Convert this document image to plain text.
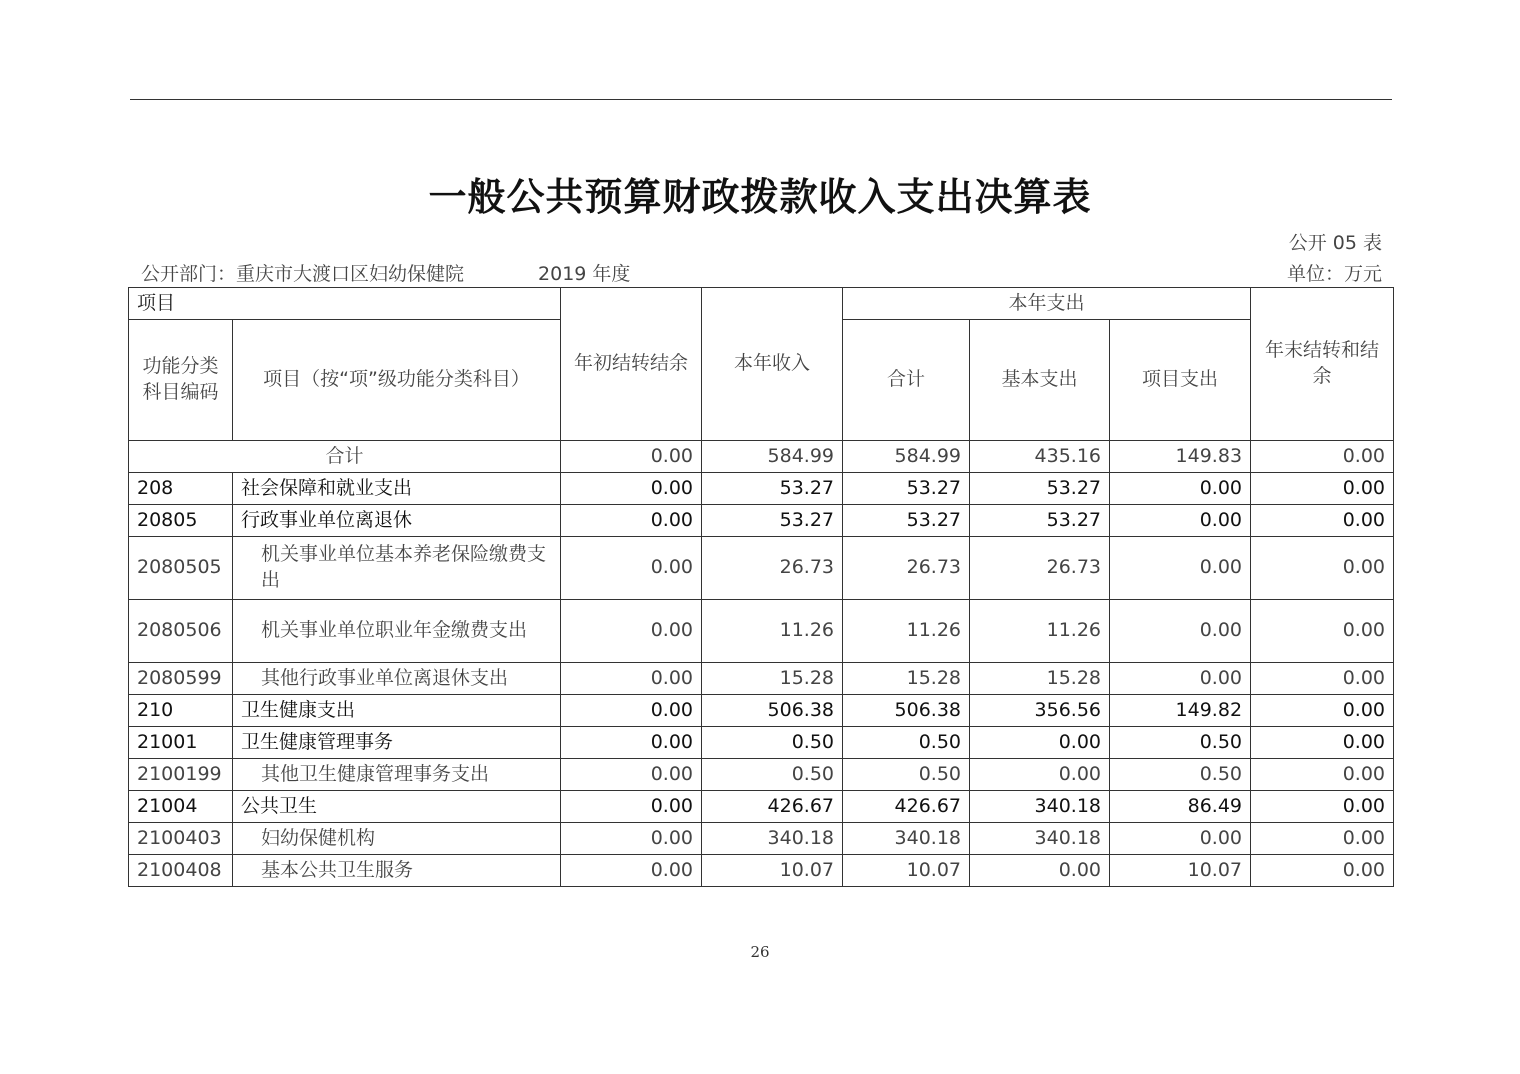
一般公共预算财政拨款收入支出决算表
公开 05 表
公开部门：重庆市大渡口区妇幼保健院	2019 年度	单位：万元
项目		年初结转结余	本年收入	本年支出			年末结转和结余
功能分类科目编码	项目（按“项”级功能分类科目）			合计	基本支出	项目支出	
合计		0.00	584.99	584.99	435.16	149.83	0.00
208	社会保障和就业支出	0.00	53.27	53.27	53.27	0.00	0.00
20805	行政事业单位离退休	0.00	53.27	53.27	53.27	0.00	0.00
2080505	机关事业单位基本养老保险缴费支出	0.00	26.73	26.73	26.73	0.00	0.00
2080506	机关事业单位职业年金缴费支出	0.00	11.26	11.26	11.26	0.00	0.00
2080599	其他行政事业单位离退休支出	0.00	15.28	15.28	15.28	0.00	0.00
210	卫生健康支出	0.00	506.38	506.38	356.56	149.82	0.00
21001	卫生健康管理事务	0.00	0.50	0.50	0.00	0.50	0.00
2100199	其他卫生健康管理事务支出	0.00	0.50	0.50	0.00	0.50	0.00
21004	公共卫生	0.00	426.67	426.67	340.18	86.49	0.00
2100403	妇幼保健机构	0.00	340.18	340.18	340.18	0.00	0.00
2100408	基本公共卫生服务	0.00	10.07	10.07	0.00	10.07	0.00
26
